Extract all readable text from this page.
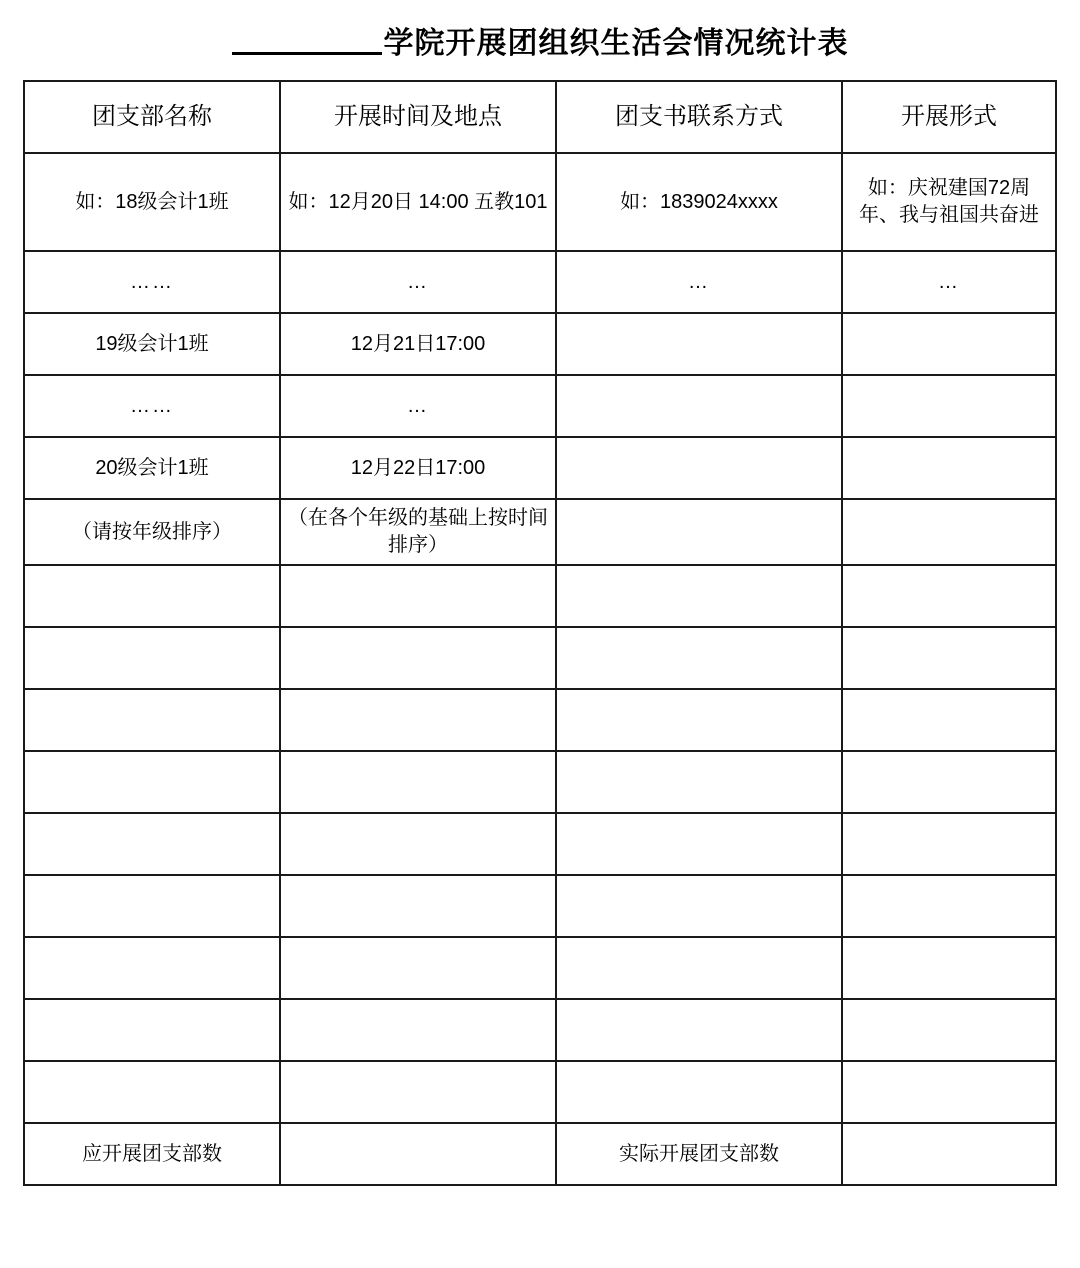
学院开展团组织生活会情况统计表
团支部名称	开展时间及地点	团支书联系方式	开展形式
如：18级会计1班	如：12月20日 14:00 五教101	如：1839024xxxx	如：庆祝建国72周年、我与祖国共奋进
……	…	…	…
19级会计1班	12月21日17:00		
……	…		
20级会计1班	12月22日17:00		
（请按年级排序）	（在各个年级的基础上按时间排序）		

应开展团支部数		实际开展团支部数	
